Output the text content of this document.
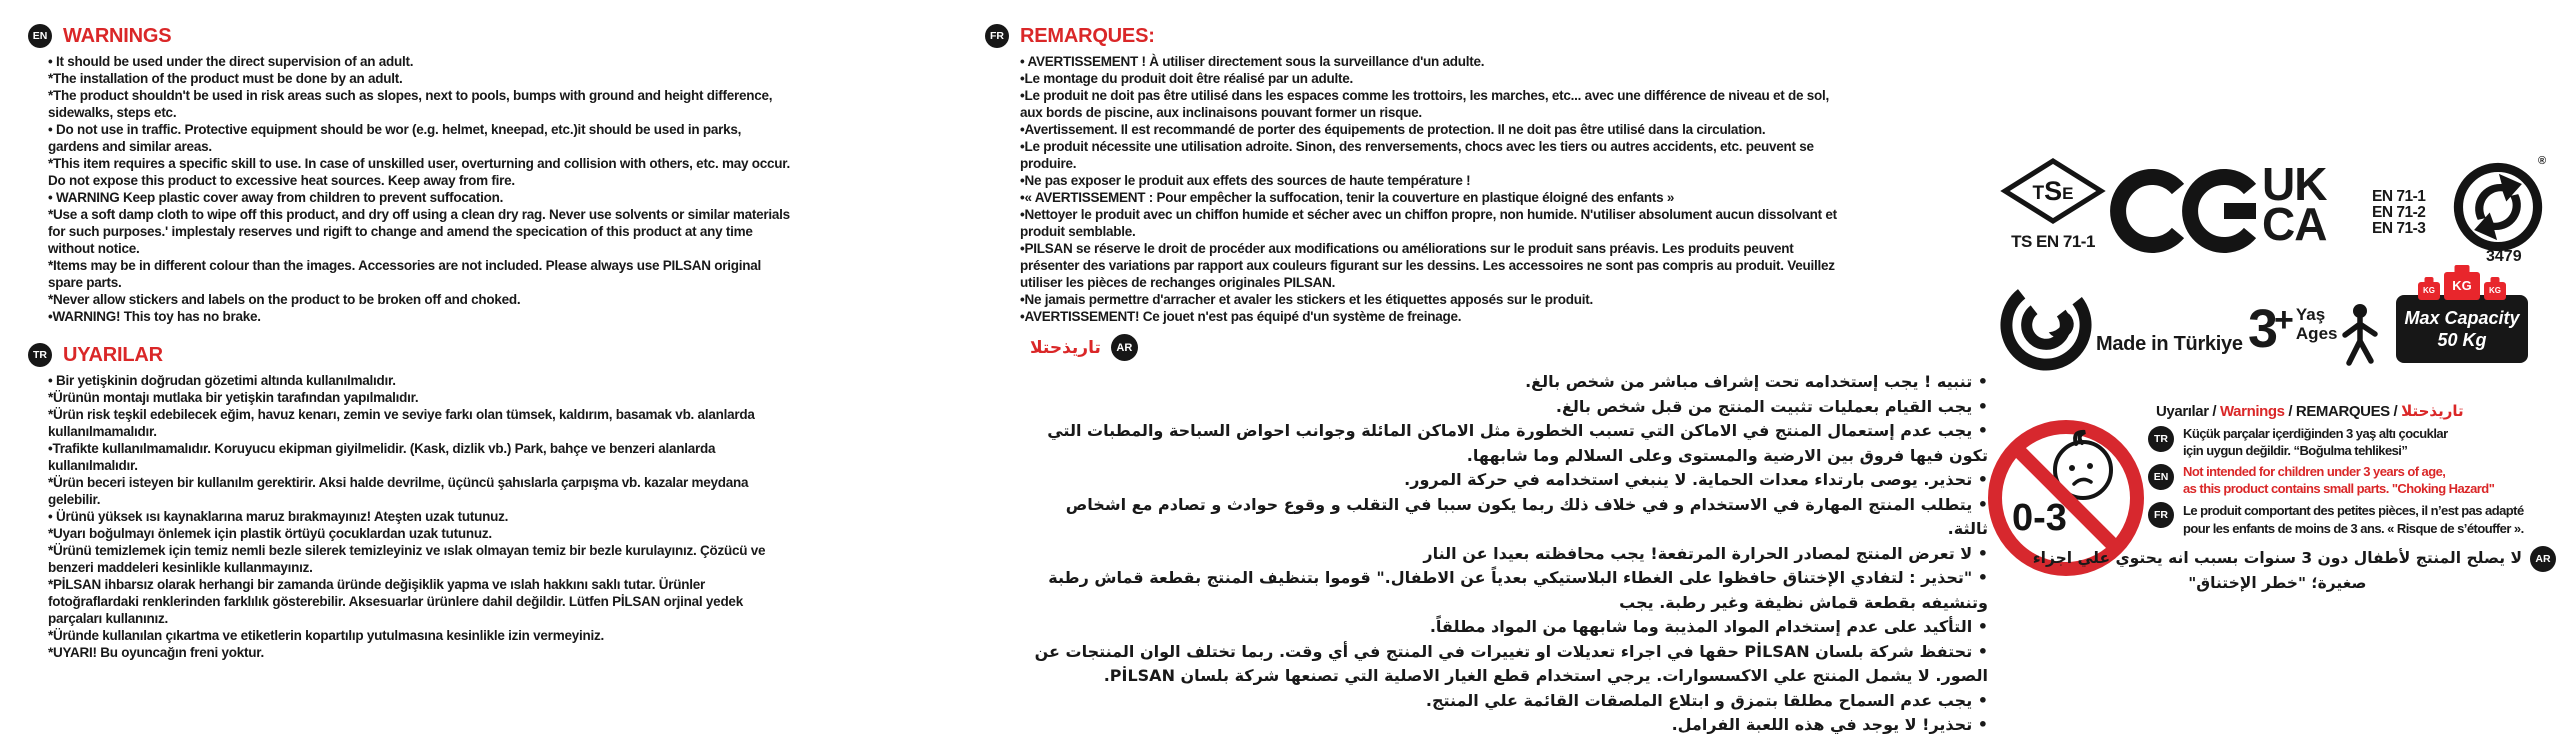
EN WARNINGS

• It should be used under the direct supervision of an adult.

*The installation of the product must be done by an adult.

*The product shouldn't be used in risk areas such as slopes, next to pools, bumps with ground and height difference, sidewalks, steps etc.

• Do not use in traffic. Protective equipment should be wor (e.g. helmet, kneepad, etc.)it should be used in parks, gardens and similar areas.

*This item requires a specific skill to use. In case of unskilled user, overturning and collision with others, etc. may occur. Do not expose this product to excessive heat sources. Keep away from fire.

• WARNING Keep plastic cover away from children to prevent suffocation.

*Use a soft damp cloth to wipe off this product, and dry off using a clean dry rag. Never use solvents or similar materials for such purposes.' implestaly reserves und rigift to change and amend the specication of this product at any time without notice.

*Items may be in different colour than the images. Accessories are not included. Please always use PILSAN original spare parts.

*Never allow stickers and labels on the product to be broken off and choked.

•WARNING! This toy has no brake.

TR UYARILAR

• Bir yetişkinin doğrudan gözetimi altında kullanılmalıdır.

*Ürünün montajı mutlaka bir yetişkin tarafından yapılmalıdır.

*Ürün risk teşkil edebilecek eğim, havuz kenarı, zemin ve seviye farkı olan tümsek, kaldırım, basamak vb. alanlarda kullanılmamalıdır.

•Trafikte kullanılmamalıdır. Koruyucu ekipman giyilmelidir. (Kask, dizlik vb.) Park, bahçe ve benzeri alanlarda kullanılmalıdır.

*Ürün beceri isteyen bir kullanılm gerektirir. Aksi halde devrilme, üçüncü şahıslarla çarpışma vb. kazalar meydana gelebilir.

• Ürünü yüksek ısı kaynaklarına maruz bırakmayınız! Ateşten uzak tutunuz.

*Uyarı boğulmayı önlemek için plastik örtüyü çocuklardan uzak tutunuz.

*Ürünü temizlemek için temiz nemli bezle silerek temizleyiniz ve ıslak olmayan temiz bir bezle kurulayınız. Çözücü ve benzeri maddeleri kesinlikle kullanmayınız.

*PİLSAN ihbarsız olarak herhangi bir zamanda üründe değişiklik yapma ve ıslah hakkını saklı tutar. Ürünler fotoğraflardaki renklerinden farklılık gösterebilir. Aksesuarlar ürünlere dahil değildir. Lütfen PİLSAN orjinal yedek parçaları kullanınız.

*Üründe kullanılan çıkartma ve etiketlerin kopartılıp yutulmasına kesinlikle izin vermeyiniz.

*UYARI! Bu oyuncağın freni yoktur.

FR REMARQUES:

• AVERTISSEMENT ! À utiliser directement sous la surveillance d'un adulte.

•Le montage du produit doit être réalisé par un adulte.

•Le produit ne doit pas être utilisé dans les espaces comme les trottoirs, les marches, etc... avec une différence de niveau et de sol, aux bords de piscine, aux inclinaisons pouvant former un risque.

•Avertissement. Il est recommandé de porter des équipements de protection. Il ne doit pas être utilisé dans la circulation.

•Le produit nécessite une utilisation adroite. Sinon, des renversements, chocs avec les tiers ou autres accidents, etc. peuvent se produire.

•Ne pas exposer le produit aux effets des sources de haute température !

•« AVERTISSEMENT : Pour empêcher la suffocation, tenir la couverture en plastique éloigné des enfants »

•Nettoyer le produit avec un chiffon humide et sécher avec un chiffon propre, non humide. N'utiliser absolument aucun dissolvant et produit semblable.

•PILSAN se réserve le droit de procéder aux modifications ou améliorations sur le produit sans préavis. Les produits peuvent présenter des variations par rapport aux couleurs figurant sur les dessins. Les accessoires ne sont pas compris au produit. Veuillez utiliser les pièces de rechanges originales PILSAN.

•Ne jamais permettre d'arracher et avaler les stickers et les étiquettes apposés sur le produit.

•AVERTISSEMENT! Ce jouet n'est pas équipé d'un système de freinage.

AR
تاريذحتلا

• تنبيه ! يجب إستخدامه تحت إشراف مباشر من شخص بالغ.

• يجب القيام بعمليات تثبيت المنتج من قبل شخص بالغ.

• يجب عدم إستعمال المنتج في الاماكن التي تسبب الخطورة مثل الاماكن المائلة وجوانب احواض السباحة والمطبات التي تكون فيها فروق بين الارضية والمستوى وعلى السلالم وما شابهها.

• تحذير. يوصى بارتداء معدات الحماية. لا ينبغي استخدامه في حركة المرور.

• يتطلب المنتج المهارة في الاستخدام و في خلاف ذلك ربما يكون سببا في التقلب و وقوع حوادث و تصادم مع اشخاص ثالثة.

• لا تعرض المنتج لمصادر الحرارة المرتفعة! يجب محافظته بعيدا عن النار

• "تحذير : لتفادي الإختناق حافظوا على الغطاء البلاستيكي بعدياً عن الاطفال." قوموا بتنظيف المنتج بقطعة قماش رطبة وتنشيفه بقطعة قماش نظيفة وغير رطبة. يجب

• التأكيد على عدم إستخدام المواد المذيبة وما شابهها من المواد مطلقاً.

• تحتفظ شركة بلسان PİLSAN حقها في اجراء تعديلات او تغييرات في المنتج في أي وقت. ربما تختلف الوان المنتجات عن الصور. لا يشمل المنتج علي الاكسسوارات. يرجي استخدام قطع الغيار الاصلية التي تصنعها شركة بلسان PİLSAN.

• يجب عدم السماح مطلقا بتمزق و ابتلاع الملصقات القائمة علي المنتج.

• تحذير! لا يوجد في هذه اللعبة الفرامل.

TSE
TS EN 71-1
UK
CA
EN 71-1
EN 71-2
EN 71-3
®
3479
Made in Türkiye 3
+ Yaş
Ages
KG	KG	KG
Max Capacity
50 Kg
0-3
Uyarılar / Warnings / REMARQUES / تاريذحتلا
TR	Küçük parçalar içerdiğinden 3 yaş altı çocuklar
için uygun değildir. “Boğulma tehlikesi”
EN	Not intended for children under 3 years of age,
as this product contains small parts. "Choking Hazard"
FR	Le produit comportant des petites pièces, il n’est pas adapté
pour les enfants de moins de 3 ans. « Risque de s’étouffer ».
AR
لا يصلح المنتج لأطفال دون 3 سنوات بسبب انه يحتوي علي اجزاء
صغيرة؛ "خطر الإختناق"
